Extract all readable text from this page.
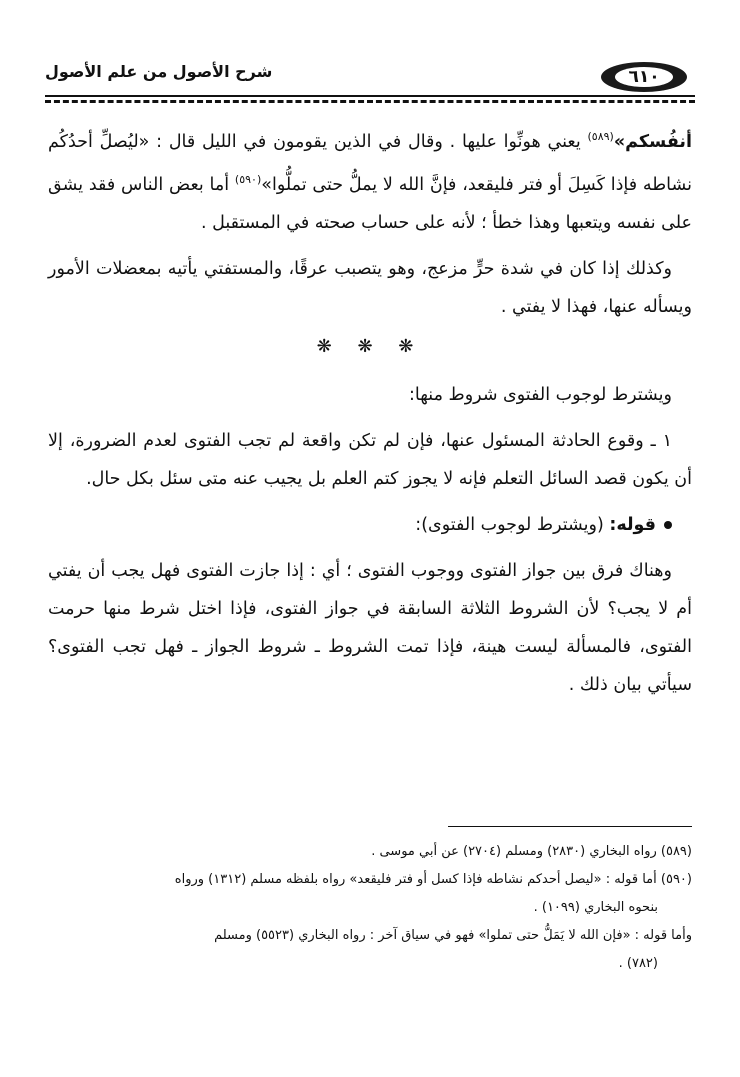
٦١٠
شرح الأصول من علم الأصول

أنفُسكم»$^{(٥٨٩)}$ يعني هونِّوا عليها . وقال في الذين يقومون في الليل قال : «ليُصلِّ أحدُكُم نشاطه فإذا كَسِلَ أو فتر فليقعد، فإنَّ الله لا يملُّ حتى تملُّوا»$^{(٥٩٠)}$ أما بعض الناس فقد يشق على نفسه ويتعبها وهذا خطأ ؛ لأنه على حساب صحته في المستقبل .

وكذلك إذا كان في شدة حرٍّ مزعج، وهو يتصبب عرقًا، والمستفتي يأتيه بمعضلات الأمور ويسأله عنها، فهذا لا يفتي .

❋ ❋ ❋

ويشترط لوجوب الفتوى شروط منها:

١ ـ وقوع الحادثة المسئول عنها، فإن لم تكن واقعة لم تجب الفتوى لعدم الضرورة، إلا أن يكون قصد السائل التعلم فإنه لا يجوز كتم العلم بل يجيب عنه متى سئل بكل حال.

قوله: (ويشترط لوجوب الفتوى):

وهناك فرق بين جواز الفتوى ووجوب الفتوى ؛ أي : إذا جازت الفتوى فهل يجب أن يفتي أم لا يجب؟ لأن الشروط الثلاثة السابقة في جواز الفتوى، فإذا اختل شرط منها حرمت الفتوى، فالمسألة ليست هينة، فإذا تمت الشروط ـ شروط الجواز ـ فهل تجب الفتوى؟ سيأتي بيان ذلك .

(٥٨٩) رواه البخاري (٢٨٣٠) ومسلم (٢٧٠٤) عن أبي موسى .

(٥٩٠) أما قوله : «ليصل أحدكم نشاطه فإذا كسل أو فتر فليقعد» رواه بلفظه مسلم (١٣١٢) ورواه

بنحوه البخاري (١٠٩٩) .

وأما قوله : «فإن الله لا يَمَلُّ حتى تملوا» فهو في سياق آخر : رواه البخاري (٥٥٢٣) ومسلم

(٧٨٢) .
